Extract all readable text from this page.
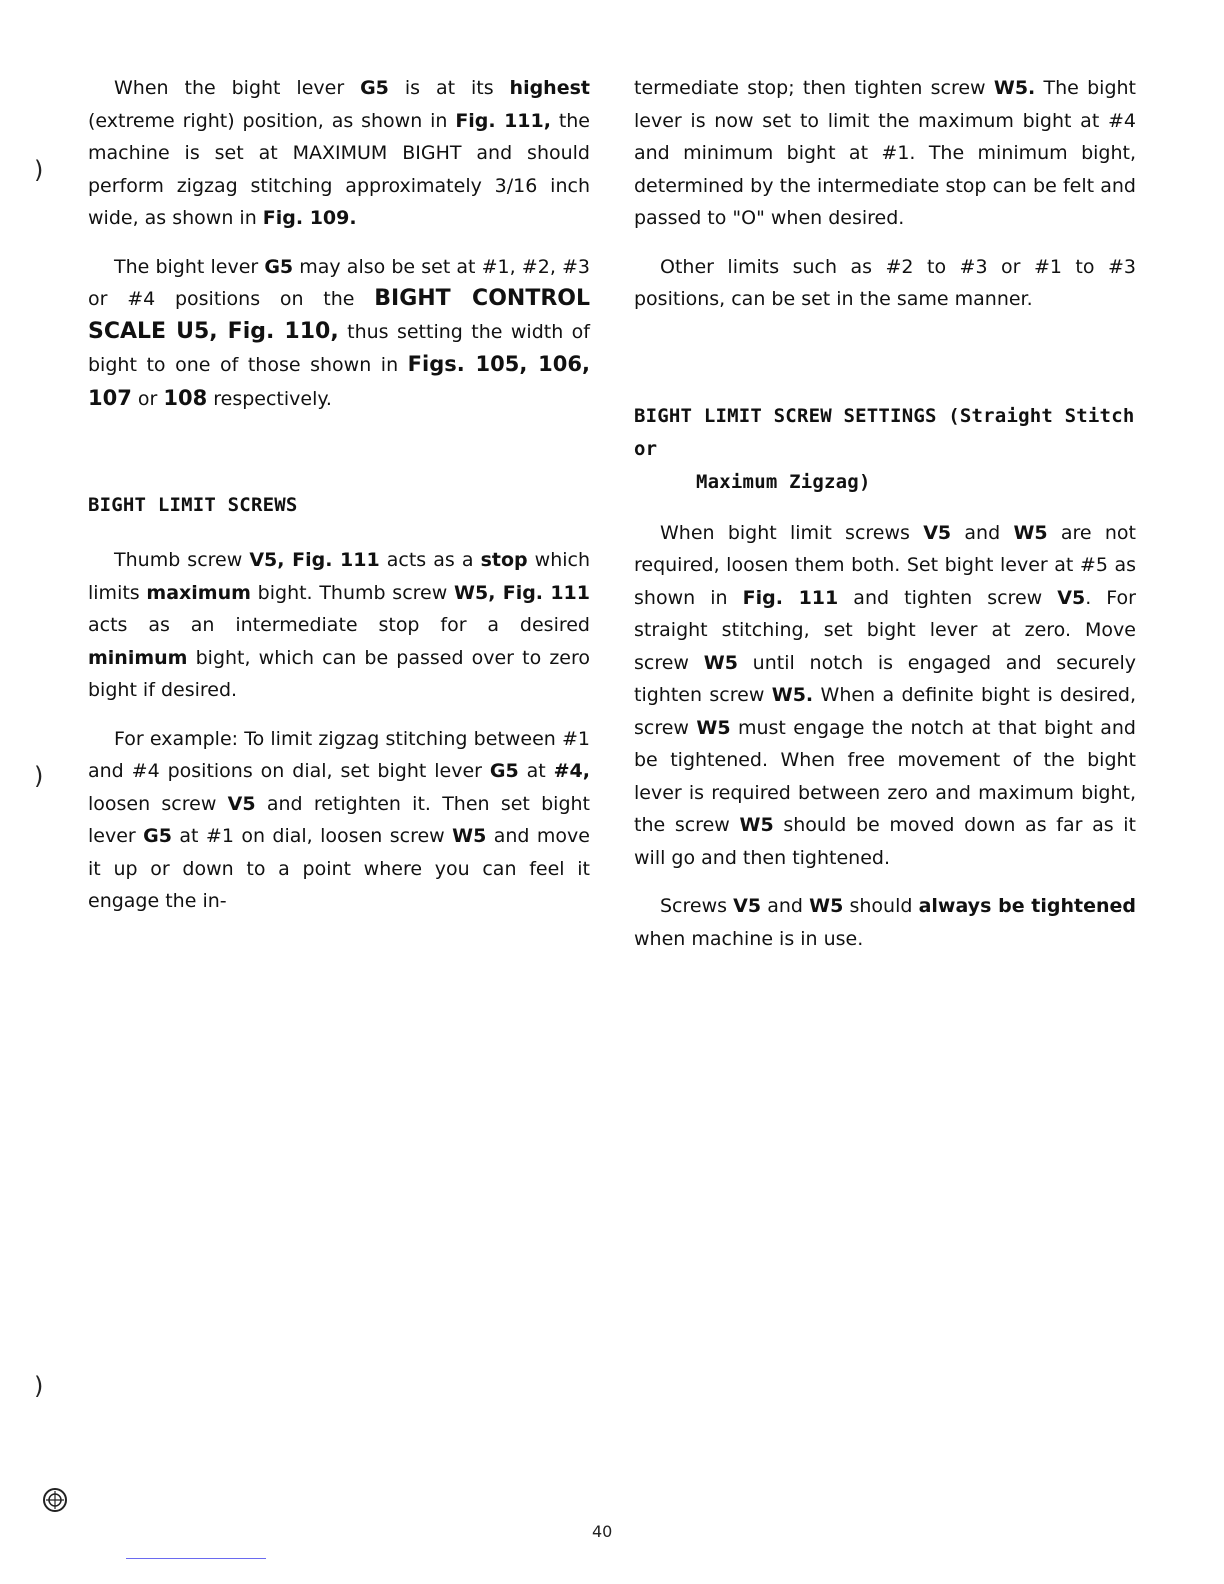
)
)
)

When the bight lever G5 is at its highest (extreme right) position, as shown in Fig. 111, the machine is set at MAXIMUM BIGHT and should perform zigzag stitching approximately 3/16 inch wide, as shown in Fig. 109.

The bight lever G5 may also be set at #1, #2, #3 or #4 positions on the BIGHT CONTROL SCALE U5, Fig. 110, thus setting the width of bight to one of those shown in Figs. 105, 106, 107 or 108 respectively.

BIGHT LIMIT SCREWS

Thumb screw V5, Fig. 111 acts as a stop which limits maximum bight. Thumb screw W5, Fig. 111 acts as an intermediate stop for a desired minimum bight, which can be passed over to zero bight if desired.

For example: To limit zigzag stitching between #1 and #4 positions on dial, set bight lever G5 at #4, loosen screw V5 and retighten it. Then set bight lever G5 at #1 on dial, loosen screw W5 and move it up or down to a point where you can feel it engage the in-

termediate stop; then tighten screw W5. The bight lever is now set to limit the maximum bight at #4 and minimum bight at #1. The minimum bight, determined by the intermediate stop can be felt and passed to "O" when desired.

Other limits such as #2 to #3 or #1 to #3 positions, can be set in the same manner.

BIGHT LIMIT SCREW SETTINGS (Straight Stitch or
Maximum Zigzag)

When bight limit screws V5 and W5 are not required, loosen them both. Set bight lever at #5 as shown in Fig. 111 and tighten screw V5. For straight stitching, set bight lever at zero. Move screw W5 until notch is engaged and securely tighten screw W5. When a definite bight is desired, screw W5 must engage the notch at that bight and be tightened. When free movement of the bight lever is required between zero and maximum bight, the screw W5 should be moved down as far as it will go and then tightened.

Screws V5 and W5 should always be tightened when machine is in use.

40
